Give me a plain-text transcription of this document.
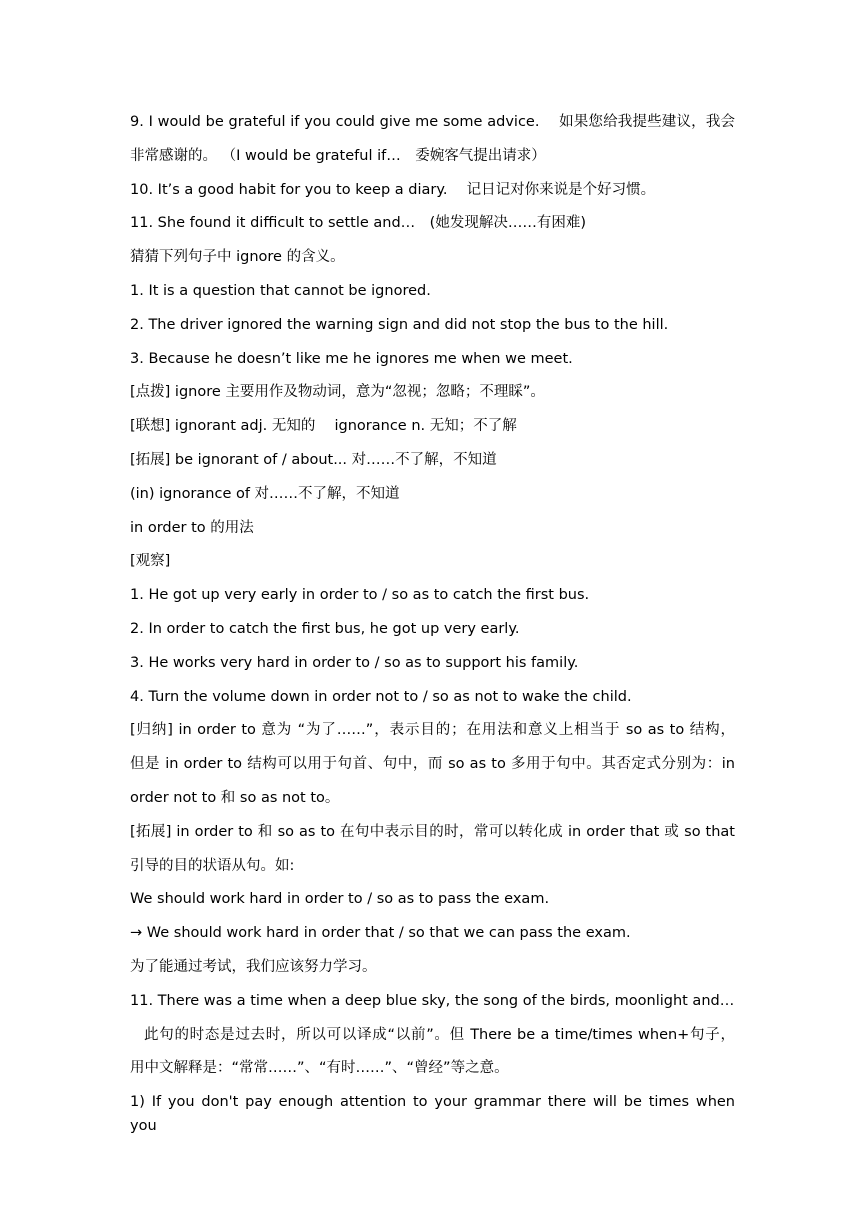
9. I would be grateful if you could give me some advice.　 如果您给我提些建议，我会
非常感谢的。 （I would be grateful if…　委婉客气提出请求）
10. It’s a good habit for you to keep a diary.　 记日记对你来说是个好习惯。
11. She found it difficult to settle and…　(她发现解决……有困难)
猜猜下列句子中 ignore 的含义。
1. It is a question that cannot be ignored.
2. The driver ignored the warning sign and did not stop the bus to the hill.
3. Because he doesn’t like me he ignores me when we meet.
[点拨] ignore 主要用作及物动词，意为“忽视；忽略；不理睬”。
[联想] ignorant adj. 无知的　 ignorance n. 无知；不了解
[拓展] be ignorant of / about... 对……不了解，不知道
(in) ignorance of 对……不了解，不知道
in order to 的用法
[观察]
1. He got up very early in order to / so as to catch the first bus.
2. In order to catch the first bus, he got up very early.
3. He works very hard in order to / so as to support his family.
4. Turn the volume down in order not to / so as not to wake the child.
[归纳] in order to 意为 “为了……”，表示目的；在用法和意义上相当于 so as to 结构，
但是 in order to 结构可以用于句首、句中，而 so as to 多用于句中。其否定式分别为：in
order not to 和 so as not to。
[拓展] in order to 和 so as to 在句中表示目的时，常可以转化成 in order that 或 so that
引导的目的状语从句。如:
We should work hard in order to / so as to pass the exam.
→ We should work hard in order that / so that we can pass the exam.
为了能通过考试，我们应该努力学习。
11. There was a time when a deep blue sky, the song of the birds, moonlight and…
此句的时态是过去时，所以可以译成“以前”。但 There be a time/times when+句子，
用中文解释是：“常常……”、“有时……”、“曾经”等之意。
1) If you don't pay enough attention to your grammar there will be times when you
